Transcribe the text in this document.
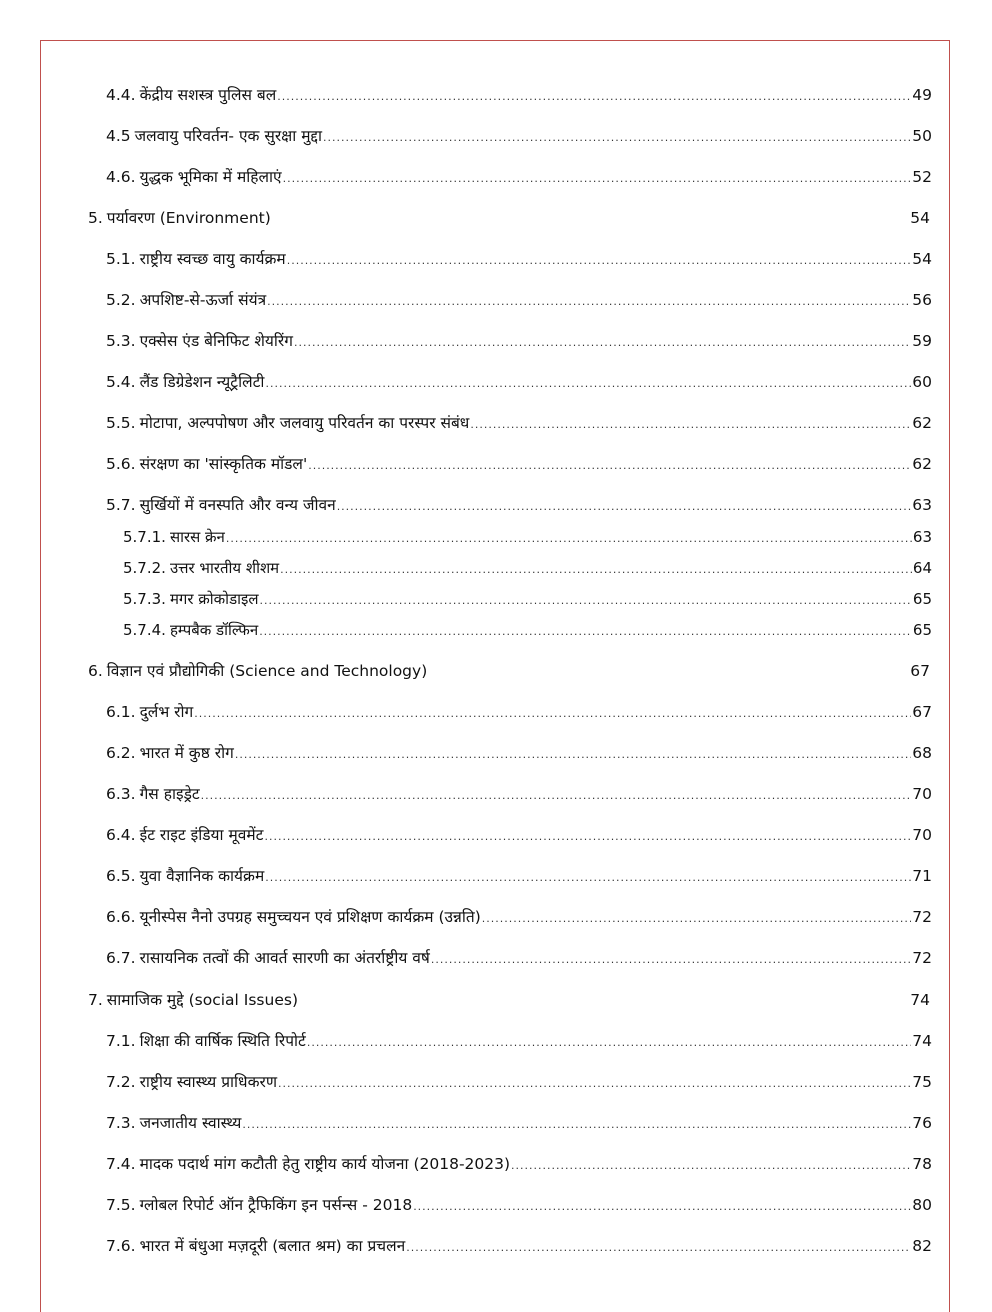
4.4. केंद्रीय सशस्त्र पुलिस बल .....	49
4.5 जलवायु परिवर्तन- एक सुरक्षा मुद्दा .....	50
4.6. युद्धक भूमिका में महिलाएं .....	52
5. पर्यावरण (Environment)	54
5.1. राष्ट्रीय स्वच्छ वायु कार्यक्रम .....	54
5.2. अपशिष्ट-से-ऊर्जा संयंत्र .....	56
5.3. एक्सेस एंड बेनिफिट शेयरिंग .....	59
5.4. लैंड डिग्रेडेशन न्यूट्रैलिटी .....	60
5.5. मोटापा, अल्पपोषण और जलवायु परिवर्तन का परस्पर संबंध .....	62
5.6. संरक्षण का 'सांस्कृतिक मॉडल' .....	62
5.7. सुर्खियों में वनस्पति और वन्य जीवन .....	63
5.7.1. सारस क्रेन .....	63
5.7.2. उत्तर भारतीय शीशम .....	64
5.7.3. मगर क्रोकोडाइल .....	65
5.7.4. हम्पबैक डॉल्फिन .....	65
6. विज्ञान एवं प्रौद्योगिकी (Science and Technology)	67
6.1. दुर्लभ रोग .....	67
6.2. भारत में कुष्ठ रोग .....	68
6.3. गैस हाइड्रेट .....	70
6.4. ईट राइट इंडिया मूवमेंट .....	70
6.5. युवा वैज्ञानिक कार्यक्रम .....	71
6.6. यूनीस्पेस नैनो उपग्रह समुच्चयन एवं प्रशिक्षण कार्यक्रम (उन्नति) .....	72
6.7. रासायनिक तत्वों की आवर्त सारणी का अंतर्राष्ट्रीय वर्ष .....	72
7. सामाजिक मुद्दे (social Issues)	74
7.1. शिक्षा की वार्षिक स्थिति रिपोर्ट .....	74
7.2. राष्ट्रीय स्वास्थ्य प्राधिकरण .....	75
7.3. जनजातीय स्वास्थ्य .....	76
7.4. मादक पदार्थ मांग कटौती हेतु राष्ट्रीय कार्य योजना (2018-2023) .....	78
7.5. ग्लोबल रिपोर्ट ऑन ट्रैफिकिंग इन पर्सन्स - 2018 .....	80
7.6. भारत में बंधुआ मज़दूरी (बलात श्रम) का प्रचलन .....	82
